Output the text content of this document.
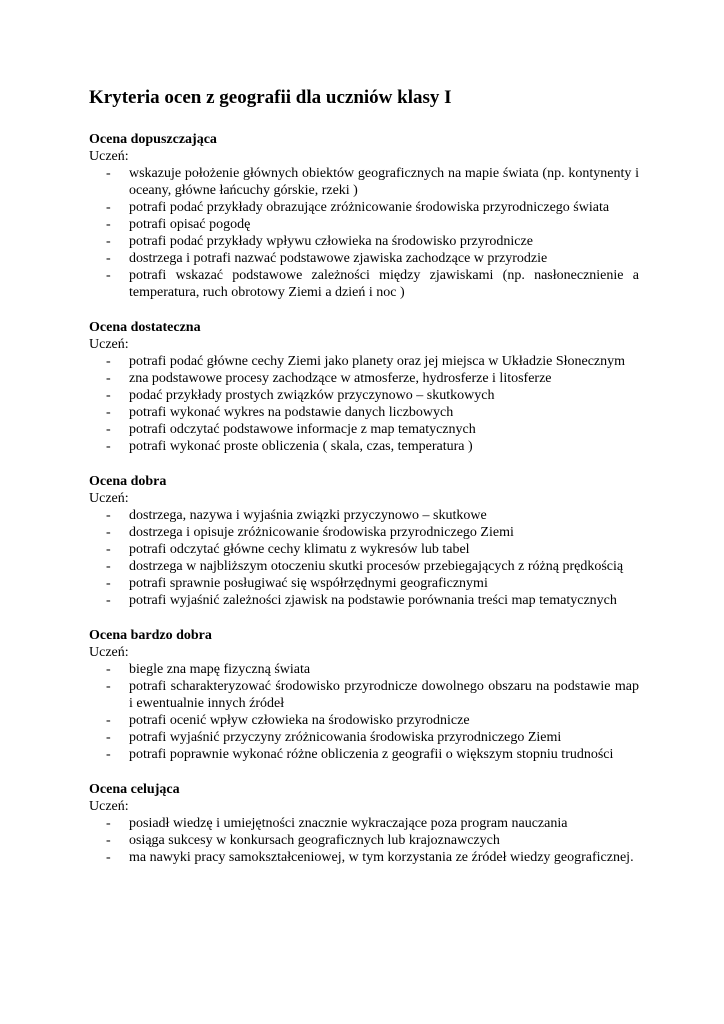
Kryteria ocen z geografii dla uczniów klasy I
Ocena dopuszczająca
Uczeń:
- wskazuje położenie głównych obiektów geograficznych na mapie świata (np. kontynenty i oceany, główne łańcuchy górskie, rzeki )
- potrafi podać przykłady obrazujące zróżnicowanie środowiska przyrodniczego świata
- potrafi opisać pogodę
- potrafi podać przykłady wpływu człowieka na środowisko przyrodnicze
- dostrzega i potrafi nazwać podstawowe zjawiska zachodzące w przyrodzie
- potrafi wskazać podstawowe zależności między zjawiskami (np. nasłonecznienie a temperatura, ruch obrotowy Ziemi a dzień i noc )
Ocena dostateczna
Uczeń:
- potrafi podać główne cechy Ziemi jako planety oraz jej miejsca w Układzie Słonecznym
- zna podstawowe procesy zachodzące w atmosferze, hydrosferze i litosferze
- podać przykłady prostych związków przyczynowo – skutkowych
- potrafi wykonać wykres na podstawie danych liczbowych
- potrafi odczytać podstawowe informacje z map tematycznych
- potrafi wykonać proste obliczenia ( skala, czas, temperatura )
Ocena dobra
Uczeń:
- dostrzega, nazywa i wyjaśnia związki przyczynowo – skutkowe
- dostrzega i opisuje zróżnicowanie środowiska przyrodniczego Ziemi
- potrafi odczytać główne cechy klimatu z wykresów lub tabel
- dostrzega w najbliższym otoczeniu skutki procesów przebiegających z różną prędkością
- potrafi sprawnie posługiwać się współrzędnymi geograficznymi
- potrafi wyjaśnić zależności zjawisk na podstawie porównania treści map tematycznych
Ocena bardzo dobra
Uczeń:
- biegle zna mapę fizyczną świata
- potrafi scharakteryzować środowisko przyrodnicze dowolnego obszaru na podstawie map i ewentualnie innych źródeł
- potrafi ocenić wpływ człowieka na środowisko przyrodnicze
- potrafi wyjaśnić przyczyny zróżnicowania środowiska przyrodniczego Ziemi
- potrafi poprawnie wykonać różne obliczenia z geografii o większym stopniu trudności
Ocena celująca
Uczeń:
- posiadł wiedzę i umiejętności znacznie wykraczające poza program nauczania
- osiąga sukcesy w konkursach geograficznych lub krajoznawczych
- ma nawyki pracy samokształceniowej, w tym korzystania ze źródeł wiedzy geograficznej.
